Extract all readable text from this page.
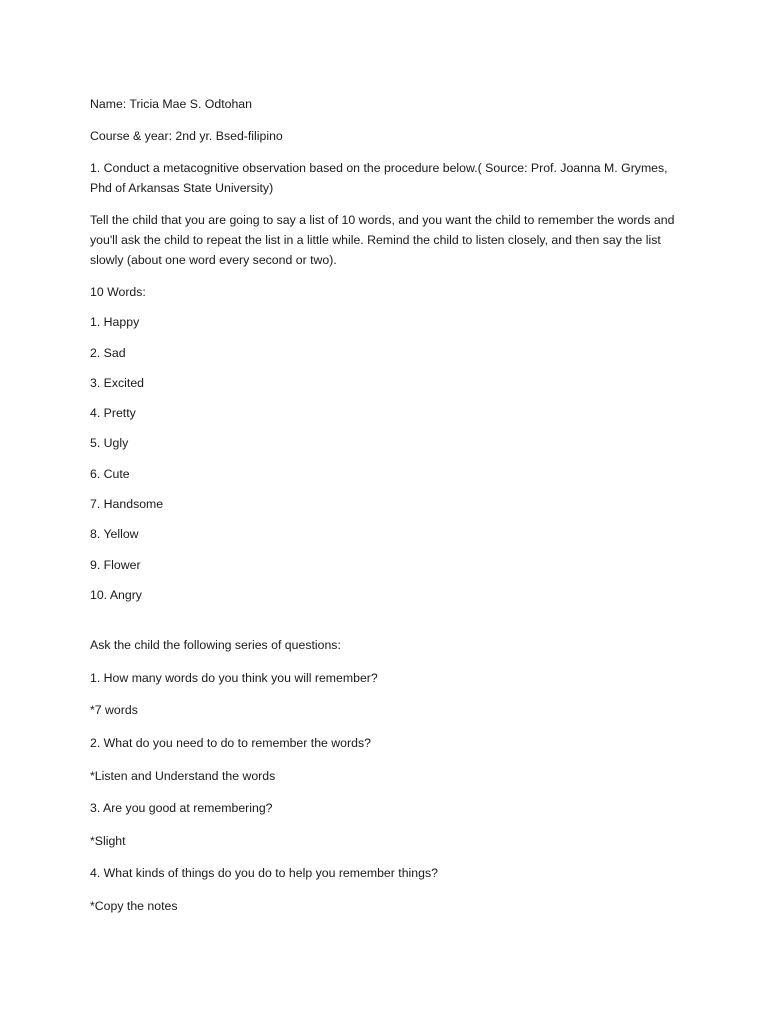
Name: Tricia Mae S. Odtohan

Course & year: 2nd yr. Bsed-filipino

1. Conduct a metacognitive observation based on the procedure below.( Source: Prof. Joanna M. Grymes, Phd of Arkansas State University)

Tell the child that you are going to say a list of 10 words, and you want the child to remember the words and you'll ask the child to repeat the list in a little while. Remind the child to listen closely, and then say the list slowly (about one word every second or two).

10 Words:

1. Happy

2. Sad

3. Excited

4. Pretty

5. Ugly

6. Cute

7. Handsome

8. Yellow

9. Flower

10. Angry

Ask the child the following series of questions:

1. How many words do you think you will remember?

*7 words

2. What do you need to do to remember the words?

*Listen and Understand the words

3. Are you good at remembering?

*Slight

4. What kinds of things do you do to help you remember things?

*Copy the notes
